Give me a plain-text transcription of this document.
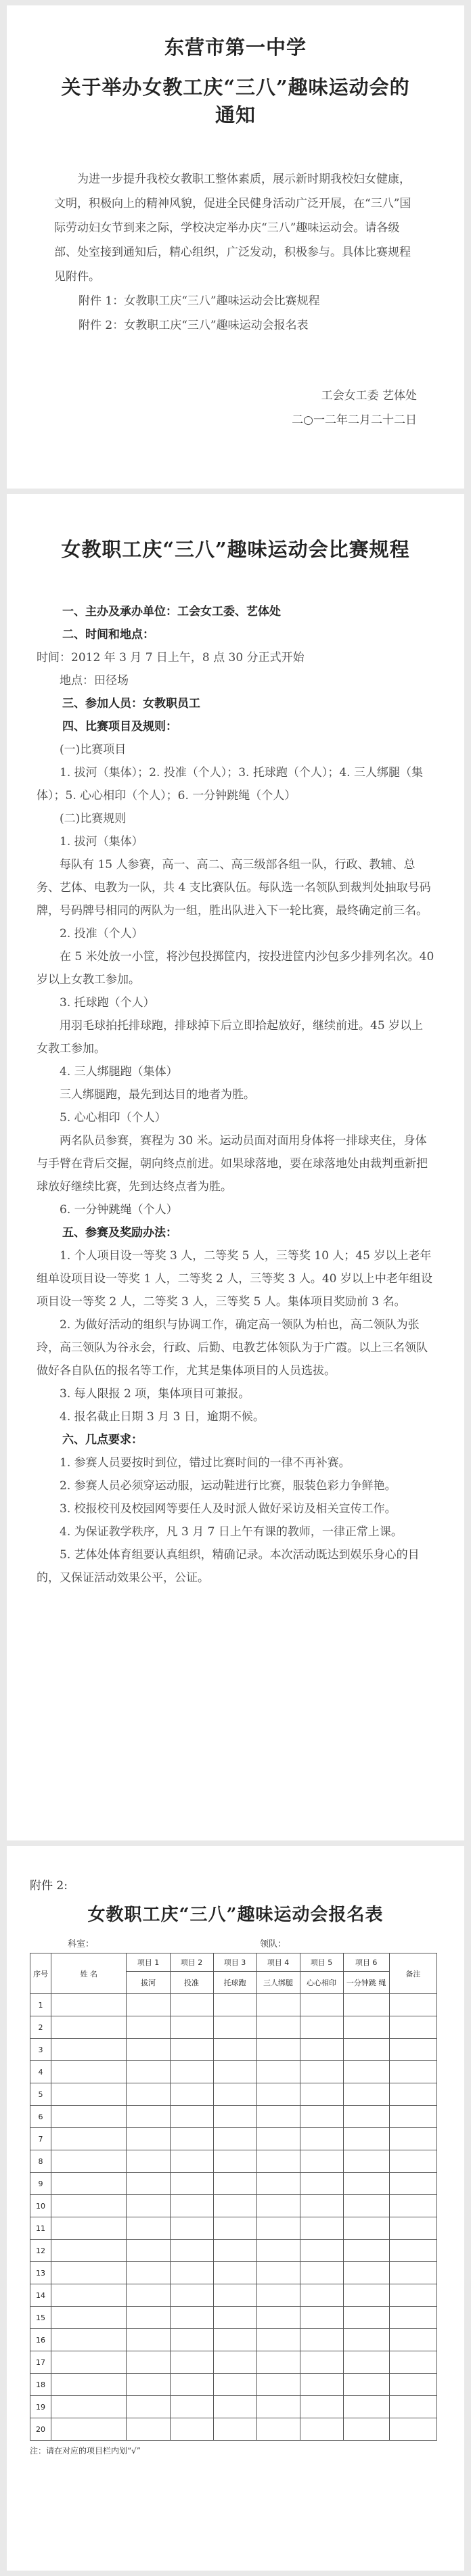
东营市第一中学
关于举办女教工庆“三八”趣味运动会的通知

为进一步提升我校女教职工整体素质，展示新时期我校妇女健康，文明，积极向上的精神风貌，促进全民健身活动广泛开展，在“三八”国际劳动妇女节到来之际，学校决定举办庆“三八”趣味运动会。请各级部、处室接到通知后，精心组织，广泛发动，积极参与。具体比赛规程见附件。

附件 1：女教职工庆“三八”趣味运动会比赛规程

附件 2：女教职工庆“三八”趣味运动会报名表

工会女工委 艺体处

二○一二年二月二十二日

女教职工庆“三八”趣味运动会比赛规程

一、主办及承办单位：工会女工委、艺体处

二、时间和地点：

时间：2012 年 3 月 7 日上午，8 点 30 分正式开始

地点：田径场

三、参加人员：女教职员工

四、比赛项目及规则：

(一)比赛项目

1. 拔河（集体）；2. 投准（个人）；3. 托球跑（个人）；4. 三人绑腿（集体）；5. 心心相印（个人）；6. 一分钟跳绳（个人）

(二)比赛规则

1. 拔河（集体）

每队有 15 人参赛，高一、高二、高三级部各组一队，行政、教辅、总务、艺体、电教为一队，共 4 支比赛队伍。每队选一名领队到裁判处抽取号码牌，号码牌号相同的两队为一组，胜出队进入下一轮比赛，最终确定前三名。

2. 投准（个人）

在 5 米处放一小筐，将沙包投掷筐内，按投进筐内沙包多少排列名次。40 岁以上女教工参加。

3. 托球跑（个人）

用羽毛球拍托排球跑，排球掉下后立即拾起放好，继续前进。45 岁以上女教工参加。

4. 三人绑腿跑（集体）

三人绑腿跑，最先到达目的地者为胜。

5. 心心相印（个人）

两名队员参赛，赛程为 30 米。运动员面对面用身体将一排球夹住，身体与手臂在背后交握，朝向终点前进。如果球落地，要在球落地处由裁判重新把球放好继续比赛，先到达终点者为胜。

6. 一分钟跳绳（个人）

五、参赛及奖励办法：

1. 个人项目设一等奖 3 人，二等奖 5 人，三等奖 10 人；45 岁以上老年组单设项目设一等奖 1 人，二等奖 2 人，三等奖 3 人。40 岁以上中老年组设项目设一等奖 2 人，二等奖 3 人，三等奖 5 人。集体项目奖励前 3 名。

2. 为做好活动的组织与协调工作，确定高一领队为柏也，高二领队为张玲，高三领队为谷永会，行政、后勤、电教艺体领队为于广霞。以上三名领队做好各自队伍的报名等工作，尤其是集体项目的人员选拔。

3. 每人限报 2 项，集体项目可兼报。

4. 报名截止日期 3 月 3 日，逾期不候。

六、几点要求：

1. 参赛人员要按时到位，错过比赛时间的一律不再补赛。

2. 参赛人员必须穿运动服，运动鞋进行比赛，服装色彩力争鲜艳。

3. 校报校刊及校园网等要任人及时派人做好采访及相关宣传工作。

4. 为保证教学秩序，凡 3 月 7 日上午有课的教师，一律正常上课。

5. 艺体处体育组要认真组织，精确记录。本次活动既达到娱乐身心的目的，又保证活动效果公平，公证。

附件 2:

女教职工庆“三八”趣味运动会报名表
科室：	领队：
序号	姓 名	项目 1	项目 2	项目 3	项目 4	项目 5	项目 6	备注
		拔河	投准	托球跑	三人绑腿	心心相印	一分钟跳 绳	
1								
2								
3								
4								
5								
6								
7								
8								
9								
10								
11								
12								
13								
14								
15								
16								
17								
18								
19								
20								

注：请在对应的项目栏内划“√”
